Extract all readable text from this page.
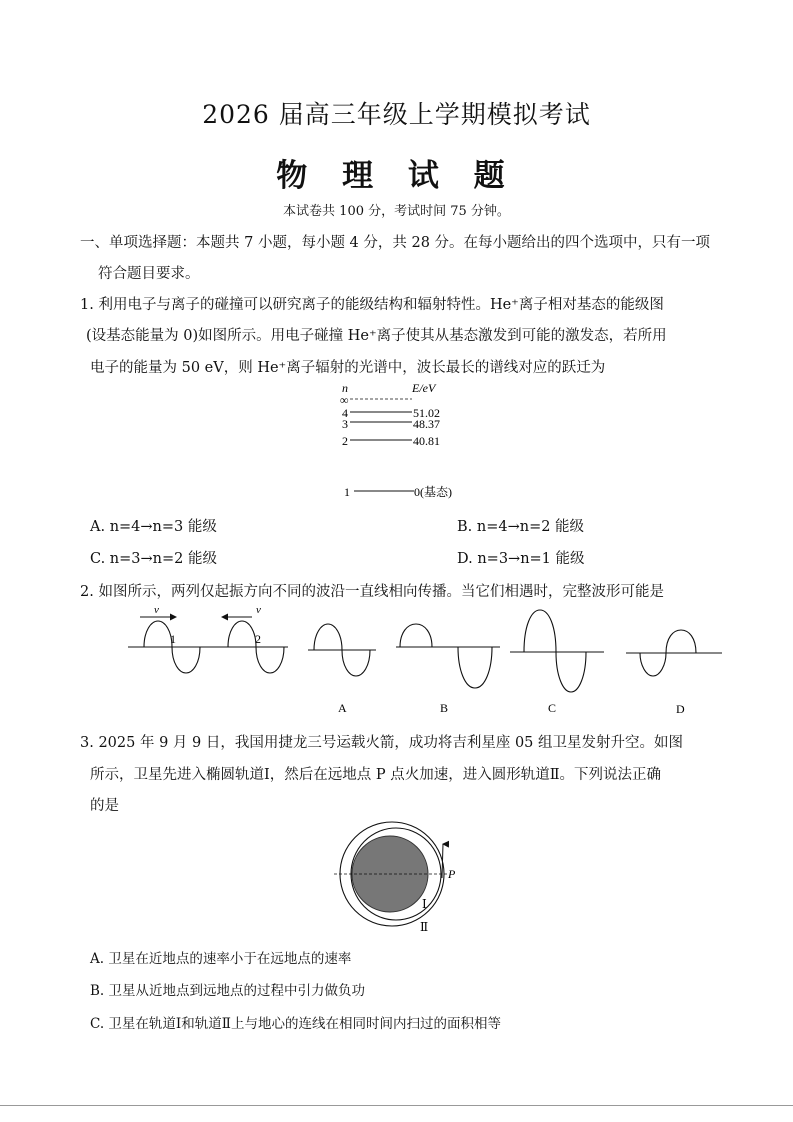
2026 届高三年级上学期模拟考试
物 理 试 题
本试卷共 100 分，考试时间 75 分钟。
一、单项选择题：本题共 7 小题，每小题 4 分，共 28 分。在每小题给出的四个选项中，只有一项
符合题目要求。
1. 利用电子与离子的碰撞可以研究离子的能级结构和辐射特性。He⁺离子相对基态的能级图
(设基态能量为 0)如图所示。用电子碰撞 He⁺离子使其从基态激发到可能的激发态，若所用
电子的能量为 50 eV，则 He⁺离子辐射的光谱中，波长最长的谱线对应的跃迁为
n	E/eV
∞
4	51.02
3	48.37
2	40.81
1	0(基态)
A. n=4→n=3 能级	B. n=4→n=2 能级
C. n=3→n=2 能级	D. n=3→n=1 能级
2. 如图所示，两列仅起振方向不同的波沿一直线相向传播。当它们相遇时，完整波形可能是
v	v
1	2
A	B	C	D
3. 2025 年 9 月 9 日，我国用捷龙三号运载火箭，成功将吉利星座 05 组卫星发射升空。如图
所示，卫星先进入椭圆轨道Ⅰ，然后在远地点 P 点火加速，进入圆形轨道Ⅱ。下列说法正确
的是
P
Ⅰ
Ⅱ
A. 卫星在近地点的速率小于在远地点的速率
B. 卫星从近地点到远地点的过程中引力做负功
C. 卫星在轨道Ⅰ和轨道Ⅱ上与地心的连线在相同时间内扫过的面积相等
